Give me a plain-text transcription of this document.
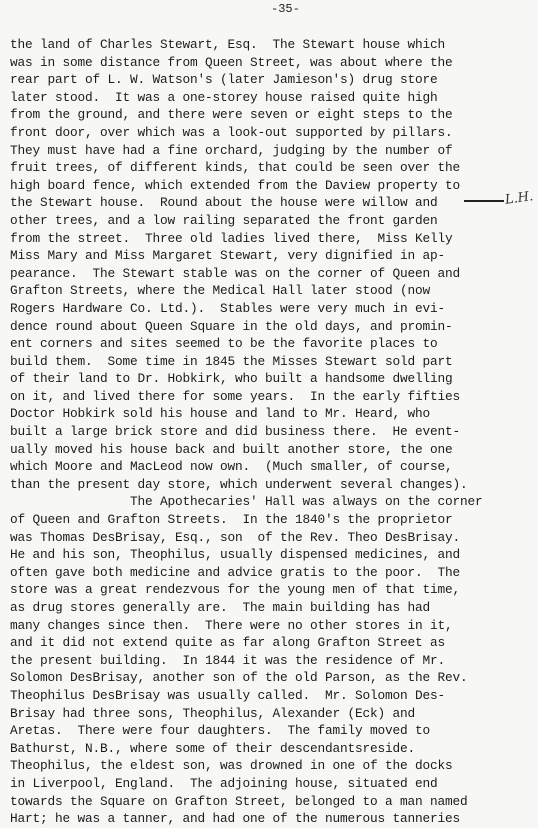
-35-
the land of Charles Stewart, Esq.  The Stewart house which
was in some distance from Queen Street, was about where the
rear part of L. W. Watson's (later Jamieson's) drug store
later stood.  It was a one-storey house raised quite high
from the ground, and there were seven or eight steps to the
front door, over which was a look-out supported by pillars.
They must have had a fine orchard, judging by the number of
fruit trees, of different kinds, that could be seen over the
high board fence, which extended from the Daview property to
the Stewart house.  Round about the house were willow and
other trees, and a low railing separated the front garden
from the street.  Three old ladies lived there,  Miss Kelly
Miss Mary and Miss Margaret Stewart, very dignified in ap-
pearance.  The Stewart stable was on the corner of Queen and
Grafton Streets, where the Medical Hall later stood (now
Rogers Hardware Co. Ltd.).  Stables were very much in evi-
dence round about Queen Square in the old days, and promin-
ent corners and sites seemed to be the favorite places to
build them.  Some time in 1845 the Misses Stewart sold part
of their land to Dr. Hobkirk, who built a handsome dwelling
on it, and lived there for some years.  In the early fifties
Doctor Hobkirk sold his house and land to Mr. Heard, who
built a large brick store and did business there.  He event-
ually moved his house back and built another store, the one
which Moore and MacLeod now own.  (Much smaller, of course,
than the present day store, which underwent several changes).
The Apothecaries' Hall was always on the corner
of Queen and Grafton Streets.  In the 1840's the proprietor
was Thomas DesBrisay, Esq., son  of the Rev. Theo DesBrisay.
He and his son, Theophilus, usually dispensed medicines, and
often gave both medicine and advice gratis to the poor.  The
store was a great rendezvous for the young men of that time,
as drug stores generally are.  The main building has had
many changes since then.  There were no other stores in it,
and it did not extend quite as far along Grafton Street as
the present building.  In 1844 it was the residence of Mr.
Solomon DesBrisay, another son of the old Parson, as the Rev.
Theophilus DesBrisay was usually called.  Mr. Solomon Des-
Brisay had three sons, Theophilus, Alexander (Eck) and
Aretas.  There were four daughters.  The family moved to
Bathurst, N.B., where some of their descendantsreside.
Theophilus, the eldest son, was drowned in one of the docks
in Liverpool, England.  The adjoining house, situated end
towards the Square on Grafton Street, belonged to a man named
Hart; he was a tanner, and had one of the numerous tanneries
L.H.
